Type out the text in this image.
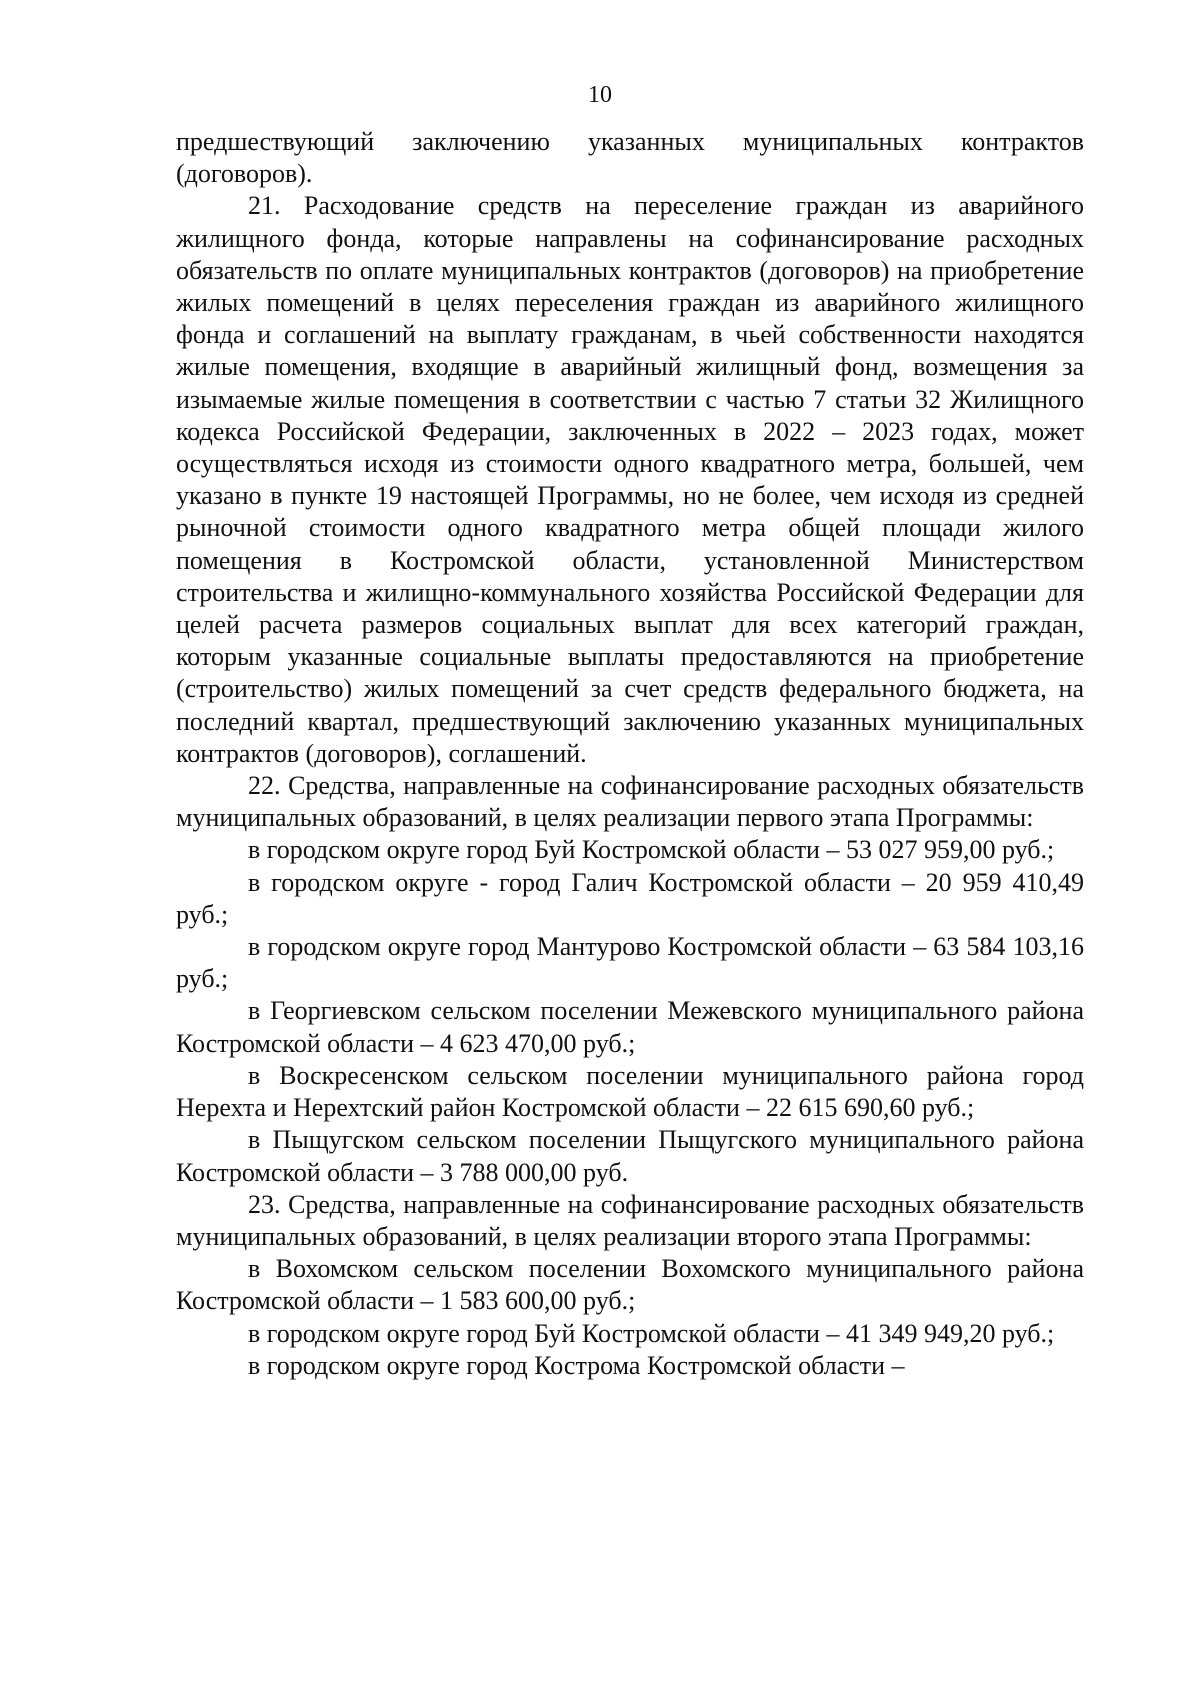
10

предшествующий заключению указанных муниципальных контрактов (договоров).

21. Расходование средств на переселение граждан из аварийного жилищного фонда, которые направлены на софинансирование расходных обязательств по оплате муниципальных контрактов (договоров) на приобретение жилых помещений в целях переселения граждан из аварийного жилищного фонда и соглашений на выплату гражданам, в чьей собственности находятся жилые помещения, входящие в аварийный жилищный фонд, возмещения за изымаемые жилые помещения в соответствии с частью 7 статьи 32 Жилищного кодекса Российской Федерации, заключенных в 2022 – 2023 годах, может осуществляться исходя из стоимости одного квадратного метра, большей, чем указано в пункте 19 настоящей Программы, но не более, чем исходя из средней рыночной стоимости одного квадратного метра общей площади жилого помещения в Костромской области, установленной Министерством строительства и жилищно-коммунального хозяйства Российской Федерации для целей расчета размеров социальных выплат для всех категорий граждан, которым указанные социальные выплаты предоставляются на приобретение (строительство) жилых помещений за счет средств федерального бюджета, на последний квартал, предшествующий заключению указанных муниципальных контрактов (договоров), соглашений.

22. Средства, направленные на софинансирование расходных обязательств муниципальных образований, в целях реализации первого этапа Программы:

в городском округе город Буй Костромской области – 53 027 959,00 руб.;

в городском округе - город Галич Костромской области – 20 959 410,49 руб.;

в городском округе город Мантурово Костромской области – 63 584 103,16 руб.;

в Георгиевском сельском поселении Межевского муниципального района Костромской области – 4 623 470,00 руб.;

в Воскресенском сельском поселении муниципального района город Нерехта и Нерехтский район Костромской области – 22 615 690,60 руб.;

в Пыщугском сельском поселении Пыщугского муниципального района Костромской области – 3 788 000,00 руб.

23. Средства, направленные на софинансирование расходных обязательств муниципальных образований, в целях реализации второго этапа Программы:

в Вохомском сельском поселении Вохомского муниципального района Костромской области – 1 583 600,00 руб.;

в городском округе город Буй Костромской области – 41 349 949,20 руб.;

в городском округе город Кострома Костромской области –
